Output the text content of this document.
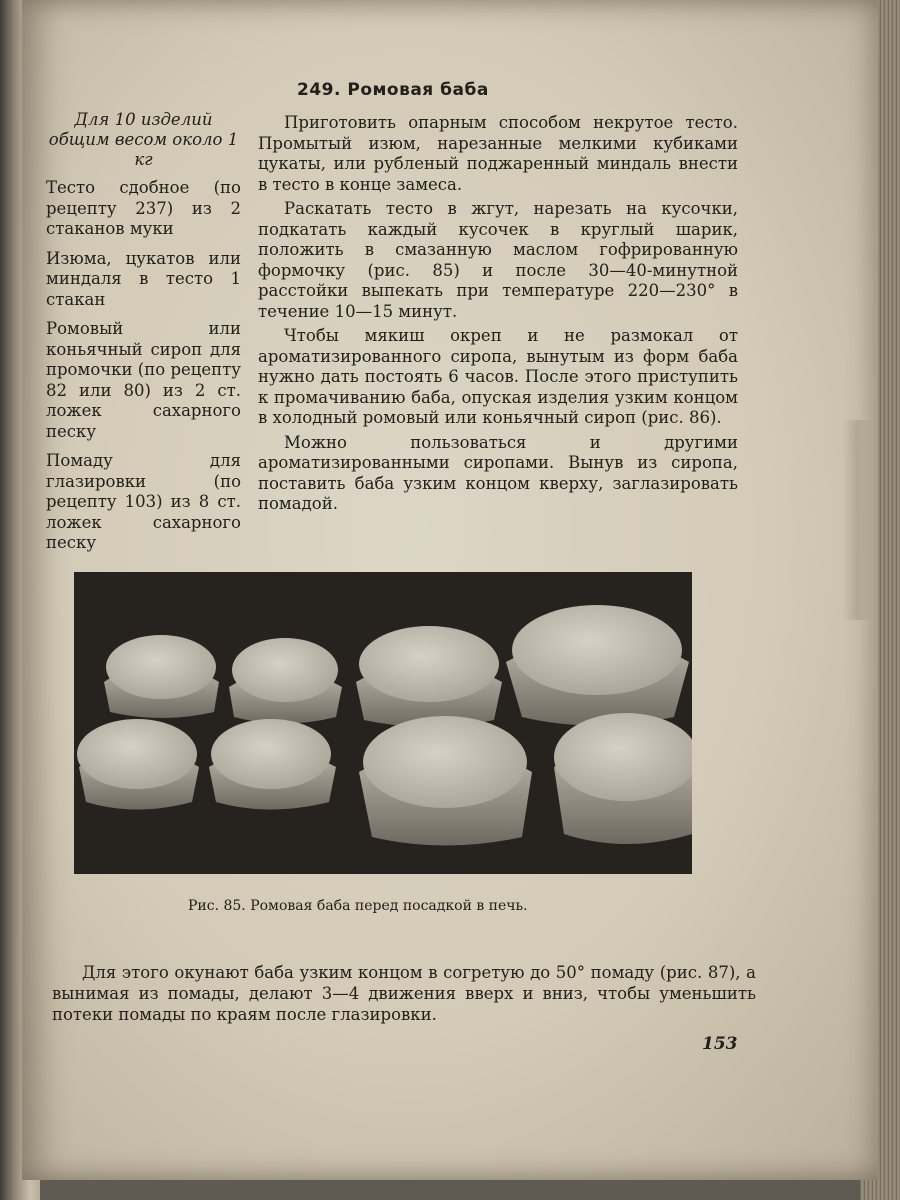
249. Ромовая баба
Для 10 изделий
общим весом около 1 кг
Тесто сдобное (по рецепту 237) из 2 стаканов муки
Изюма, цукатов или миндаля в тесто 1 стакан
Ромовый или коньячный сироп для промочки (по рецепту 82 или 80) из 2 ст. ложек сахарного песку
Помаду для глазировки (по рецепту 103) из 8 ст. ложек сахарного песку

Приготовить опарным способом некрутое тесто. Промытый изюм, нарезанные мелкими кубиками цукаты, или рубленый поджаренный миндаль внести в тесто в конце замеса.

Раскатать тесто в жгут, нарезать на кусочки, подкатать каждый кусочек в круглый шарик, положить в смазанную маслом гофрированную формочку (рис. 85) и после 30—40-минутной расстойки выпекать при температуре 220—230° в течение 10—15 минут.

Чтобы мякиш окреп и не размокал от ароматизированного сиропа, вынутым из форм баба нужно дать постоять 6 часов. После этого приступить к промачиванию баба, опуская изделия узким концом в холодный ромовый или коньячный сироп (рис. 86).

Можно пользоваться и другими ароматизированными сиропами. Вынув из сиропа, поставить баба узким концом кверху, заглазировать помадой.

Рис. 85. Ромовая баба перед посадкой в печь.

Для этого окунают баба узким концом в согретую до 50° помаду (рис. 87), а вынимая из помады, делают 3—4 движения вверх и вниз, чтобы уменьшить потеки помады по краям после глазировки.

153
